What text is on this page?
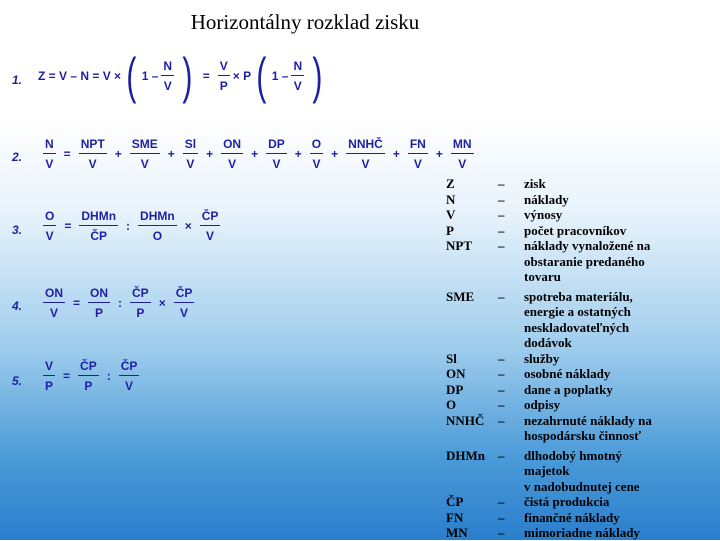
Horizontálny rozklad zisku
1. Z = V – N = V × ( $1 - \frac{N}{V}$ ) = $\frac{V}{P} \times P$ ( $1 - \frac{N}{V}$ )
2. $\frac{N}{V} = \frac{\text{NPT}}{V} + \frac{\text{SME}}{V} + \frac{Sl}{V} + \frac{ON}{V} + \frac{DP}{V} + \frac{O}{V} + \frac{\text{NNHČ}}{V} + \frac{FN}{V} + \frac{MN}{V}$
3. $\frac{O}{V} = \frac{\text{DHMn}}{ČP}$ : $\frac{\text{DHMn}}{O} \times \frac{ČP}{V}$
4. $\frac{ON}{V} = \frac{ON}{P}$ : $\frac{ČP}{P} \times \frac{ČP}{V}$
5. $\frac{V}{P} = \frac{ČP}{P}$ : $\frac{ČP}{V}$
Z	–	zisk
N	–	náklady
V	–	výnosy
P	–	počet pracovníkov
NPT	–	náklady vynaložené na
obstaranie predaného
tovaru
SME	–	spotreba materiálu,
energie a ostatných
neskladovateľných
dodávok
Sl	–	služby
ON	–	osobné náklady
DP	–	dane a poplatky
O	–	odpisy
NNHČ	–	nezahrnuté náklady na
hospodársku činnosť
DHMn	–	dlhodobý hmotný
majetok
v nadobudnutej cene
ČP	–	čistá produkcia
FN	–	finančné náklady
MN	–	mimoriadne náklady
